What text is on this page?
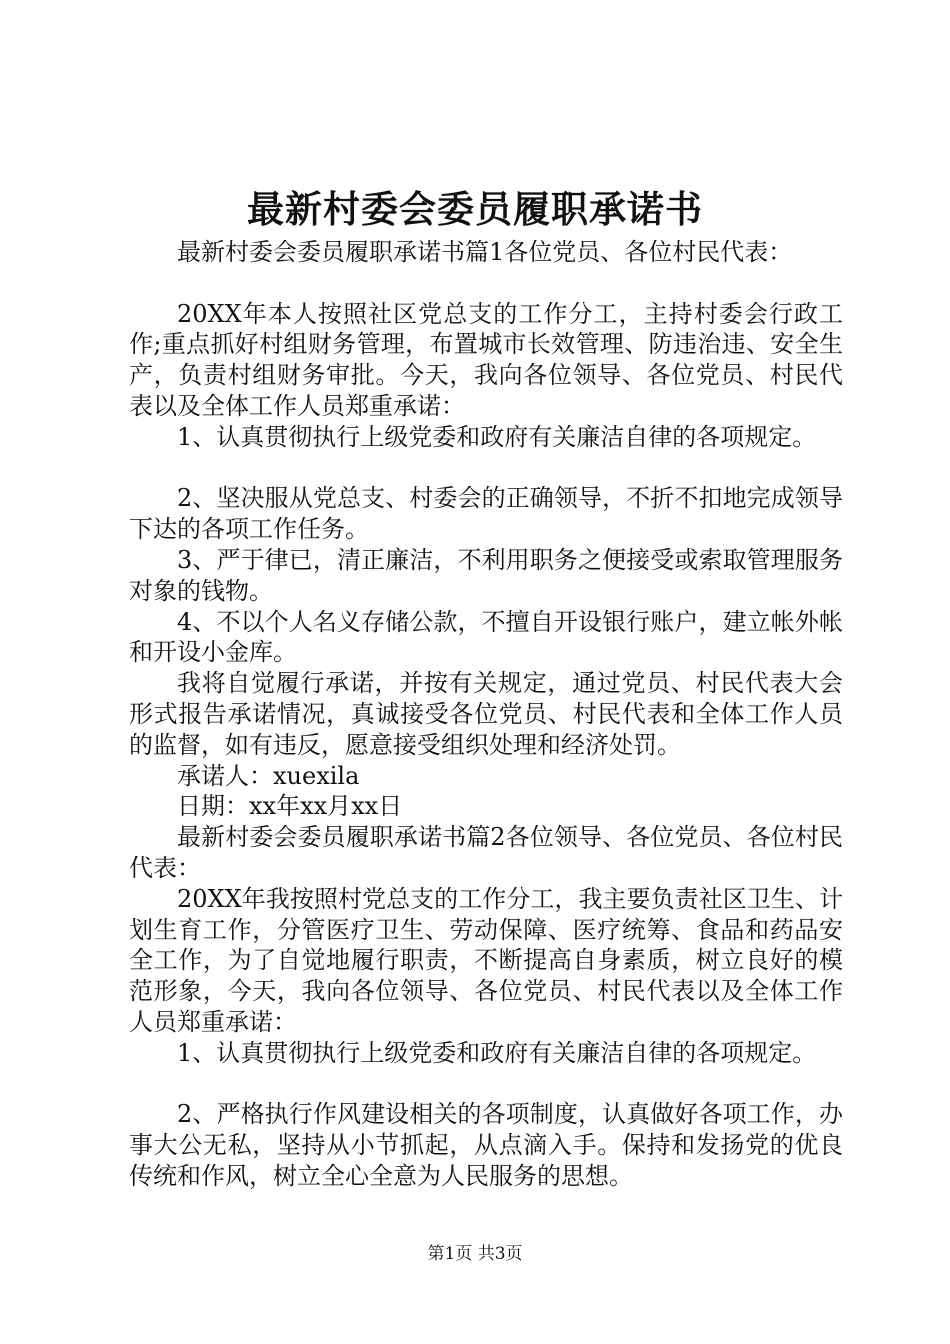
最新村委会委员履职承诺书

最新村委会委员履职承诺书篇1各位党员、各位村民代表：

20XX年本人按照社区党总支的工作分工，主持村委会行政工作;重点抓好村组财务管理，布置城市长效管理、防违治违、安全生产，负责村组财务审批。今天，我向各位领导、各位党员、村民代表以及全体工作人员郑重承诺：

1、认真贯彻执行上级党委和政府有关廉洁自律的各项规定。

2、坚决服从党总支、村委会的正确领导，不折不扣地完成领导下达的各项工作任务。

3、严于律已，清正廉洁，不利用职务之便接受或索取管理服务对象的钱物。

4、不以个人名义存储公款，不擅自开设银行账户，建立帐外帐和开设小金库。

我将自觉履行承诺，并按有关规定，通过党员、村民代表大会形式报告承诺情况，真诚接受各位党员、村民代表和全体工作人员的监督，如有违反，愿意接受组织处理和经济处罚。

承诺人：xuexila

日期：xx年xx月xx日

最新村委会委员履职承诺书篇2各位领导、各位党员、各位村民代表：

20XX年我按照村党总支的工作分工，我主要负责社区卫生、计划生育工作，分管医疗卫生、劳动保障、医疗统筹、食品和药品安全工作，为了自觉地履行职责，不断提高自身素质，树立良好的模范形象，今天，我向各位领导、各位党员、村民代表以及全体工作人员郑重承诺：

1、认真贯彻执行上级党委和政府有关廉洁自律的各项规定。

2、严格执行作风建设相关的各项制度，认真做好各项工作，办事大公无私，坚持从小节抓起，从点滴入手。保持和发扬党的优良传统和作风，树立全心全意为人民服务的思想。

第1页 共3页
